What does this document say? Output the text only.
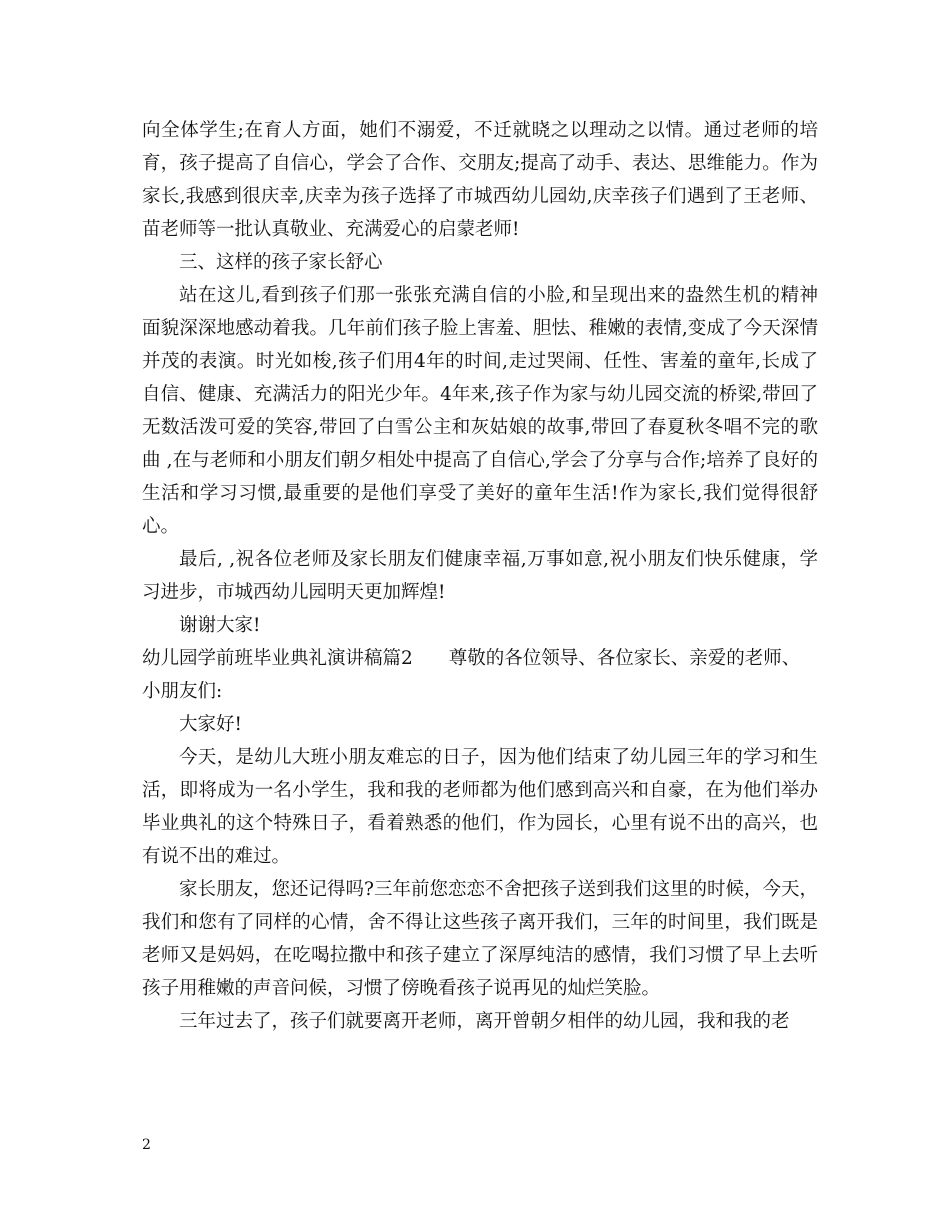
向全体学生;在育人方面，她们不溺爱，不迁就晓之以理动之以情。通过老师的培育，孩子提高了自信心，学会了合作、交朋友;提高了动手、表达、思维能力。作为家长,我感到很庆幸,庆幸为孩子选择了市城西幼儿园幼,庆幸孩子们遇到了王老师、苗老师等一批认真敬业、充满爱心的启蒙老师!

三、这样的孩子家长舒心

站在这儿,看到孩子们那一张张充满自信的小脸,和呈现出来的盎然生机的精神面貌深深地感动着我。几年前们孩子脸上害羞、胆怯、稚嫩的表情,变成了今天深情并茂的表演。时光如梭,孩子们用4年的时间,走过哭闹、任性、害羞的童年,长成了自信、健康、充满活力的阳光少年。4年来,孩子作为家与幼儿园交流的桥梁,带回了无数活泼可爱的笑容,带回了白雪公主和灰姑娘的故事,带回了春夏秋冬唱不完的歌曲 ,在与老师和小朋友们朝夕相处中提高了自信心,学会了分享与合作;培养了良好的生活和学习习惯,最重要的是他们享受了美好的童年生活!作为家长,我们觉得很舒心。

最后, ,祝各位老师及家长朋友们健康幸福,万事如意,祝小朋友们快乐健康，学习进步，市城西幼儿园明天更加辉煌!

谢谢大家!

幼儿园学前班毕业典礼演讲稿篇2 尊敬的各位领导、各位家长、亲爱的老师、

小朋友们:

大家好!

今天，是幼儿大班小朋友难忘的日子，因为他们结束了幼儿园三年的学习和生活，即将成为一名小学生，我和我的老师都为他们感到高兴和自豪，在为他们举办毕业典礼的这个特殊日子，看着熟悉的他们，作为园长，心里有说不出的高兴，也有说不出的难过。

家长朋友，您还记得吗?三年前您恋恋不舍把孩子送到我们这里的时候，今天，我们和您有了同样的心情，舍不得让这些孩子离开我们，三年的时间里，我们既是老师又是妈妈，在吃喝拉撒中和孩子建立了深厚纯洁的感情，我们习惯了早上去听孩子用稚嫩的声音问候，习惯了傍晚看孩子说再见的灿烂笑脸。

三年过去了，孩子们就要离开老师，离开曾朝夕相伴的幼儿园，我和我的老

2
